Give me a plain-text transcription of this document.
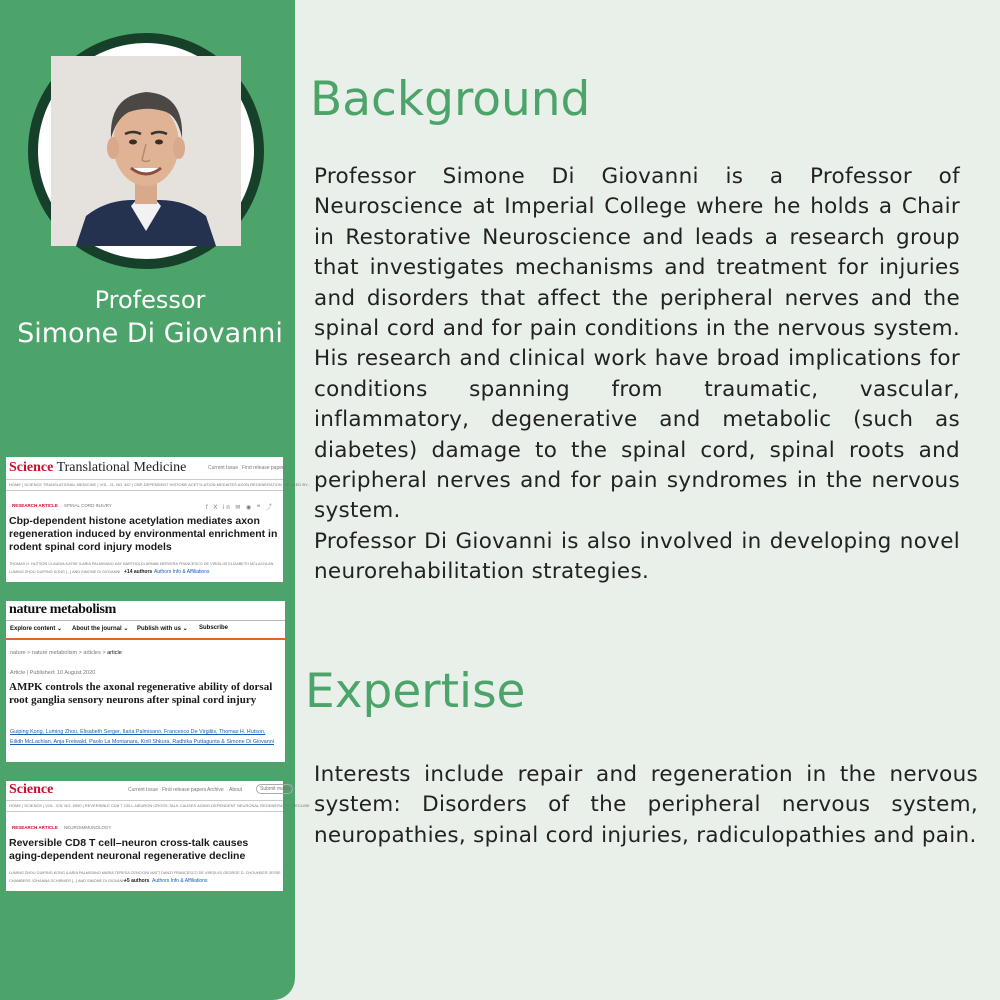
Professor
Simone Di Giovanni
Science Translational Medicine	Current Issue First release papers
HOME | SCIENCE TRANSLATIONAL MEDICINE | VOL. 11, NO. 467 | CBP-DEPENDENT HISTONE ACETYLATION MEDIATES AXON REGENERATION INDUCED BY...
RESEARCH ARTICLE SPINAL CORD INJURY	f X in ✉ ◉ ❝ ⤴
Cbp-dependent histone acetylation mediates axon regeneration induced by environmental enrichment in rodent spinal cord injury models
THOMAS H. HUTSON CLAUDIA KATHE ILARIA PALMISANO KAY BARTHOLDI ARNAB HERVERA FRANCESCO DE VIRGILIIS ELIZABETH MCLACHLAN LUMING ZHOU GUIPING KONG [...] AND SIMONE DI GIOVANNI +14 authors Authors Info & Affiliations
nature metabolism
Explore content ⌄ About the journal ⌄ Publish with us ⌄ Subscribe
nature > nature metabolism > articles > article
Article | Published: 10 August 2020
AMPK controls the axonal regenerative ability of dorsal root ganglia sensory neurons after spinal cord injury
Guiping Kong, Luming Zhou, Elisabeth Serger, Ilaria Palmisano, Francesco De Virgiliis, Thomas H. Hutson, Eilidh McLachlan, Anja Freiwald, Paolo La Montanara, Kirill Shkura, Radhika Puttagunta & Simone Di Giovanni
Science	Current Issue First release papers Archive About	Submit manu
HOME | SCIENCE | VOL. 376, NO. 6590 | REVERSIBLE CD8 T CELL-NEURON CROSS-TALK CAUSES AGING-DEPENDENT NEURONAL REGENERATIVE DECLINE
RESEARCH ARTICLE NEUROIMMUNOLOGY
Reversible CD8 T cell–neuron cross-talk causes aging-dependent neuronal regenerative decline
LUMING ZHOU GUIPING KONG ILARIA PALMISANO MARIA TERESA CENCIONI MATT DANZI FRANCESCO DE VIRGILIIS GEORGE D. CHOUHDER JESSE CHAMBERS JOHANNA SCHIRMER [...] AND SIMONE DI GIOVANNI
+5 authors Authors Info & Affiliations
Background

Professor Simone Di Giovanni is a Professor of Neuroscience at Imperial College where he holds a Chair in Restorative Neuroscience and leads a research group that investigates mechanisms and treatment for injuries and disorders that affect the peripheral nerves and the spinal cord and for pain conditions in the nervous system. His research and clinical work have broad implications for conditions spanning from traumatic, vascular, inflammatory, degenerative and metabolic (such as diabetes) damage to the spinal cord, spinal roots and peripheral nerves and for pain syndromes in the nervous system.
Professor Di Giovanni is also involved in developing novel neurorehabilitation strategies.

Expertise

Interests include repair and regeneration in the nervous system: Disorders of the peripheral nervous system, neuropathies, spinal cord injuries, radiculopathies and pain.
